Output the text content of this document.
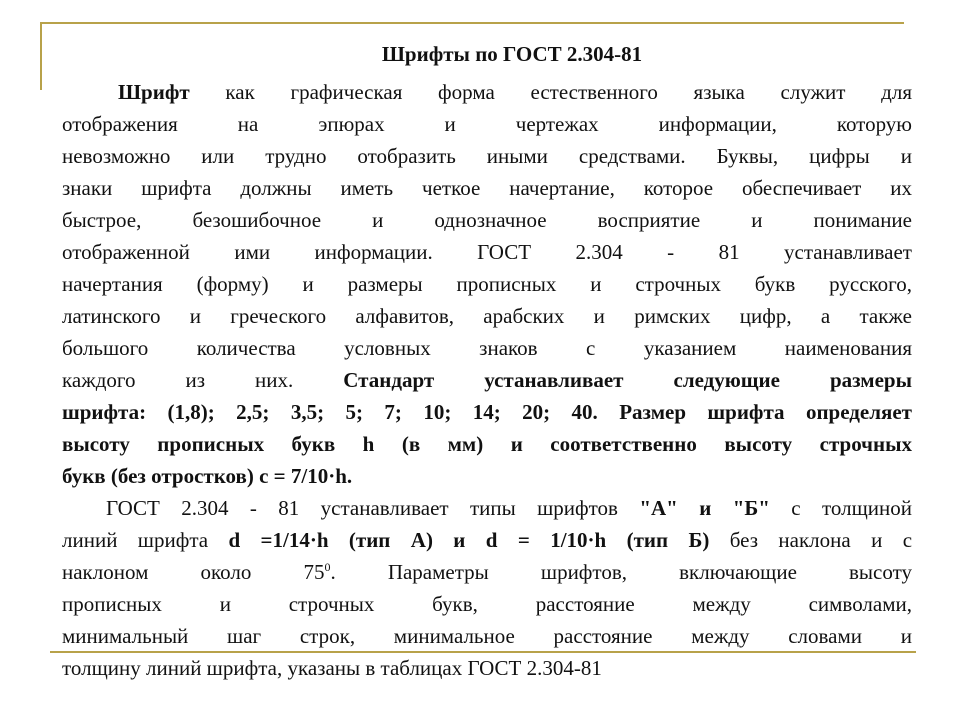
Шрифты по ГОСТ 2.304-81
Шрифт как графическая форма естественного языка служит для
отображения на эпюрах и чертежах информации, которую
невозможно или трудно отобразить иными средствами. Буквы, цифры и
знаки шрифта должны иметь четкое начертание, которое обеспечивает их
быстрое, безошибочное и однозначное восприятие и понимание
отображенной ими информации. ГОСТ 2.304 - 81 устанавливает
начертания (форму) и размеры прописных и строчных букв русского,
латинского и греческого алфавитов, арабских и римских цифр, а также
большого количества условных знаков с указанием наименования
каждого из них. Стандарт устанавливает следующие размеры
шрифта: (1,8); 2,5; 3,5; 5; 7; 10; 14; 20; 40. Размер шрифта определяет
высоту прописных букв h (в мм) и соответственно высоту строчных
букв (без отростков) c = 7/10·h.
ГОСТ 2.304 - 81 устанавливает типы шрифтов "А" и "Б" с толщиной
линий шрифта d =1/14·h (тип А) и d = 1/10·h (тип Б) без наклона и с
наклоном около $75^0$. Параметры шрифтов, включающие высоту
прописных и строчных букв, расстояние между символами,
минимальный шаг строк, минимальное расстояние между словами и
толщину линий шрифта, указаны в таблицах ГОСТ 2.304-81
